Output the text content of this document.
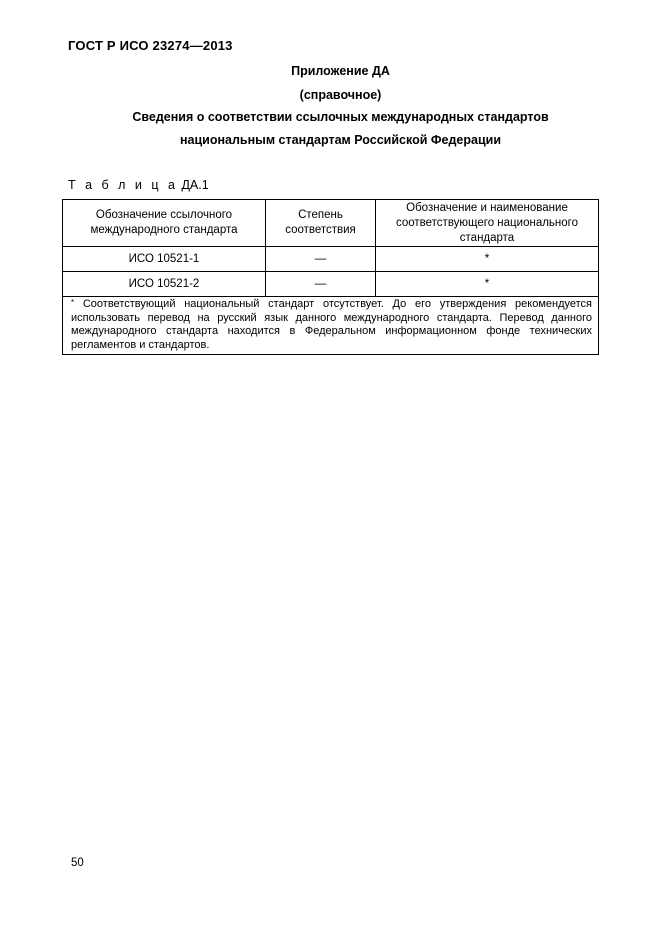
ГОСТ Р ИСО 23274—2013
Приложение ДА
(справочное)
Сведения о соответствии ссылочных международных стандартов
национальным стандартам Российской Федерации
Т а б л и ц а ДА.1
Обозначение ссылочного международного стандарта	Степень соответствия	Обозначение и наименование соответствующего национального стандарта
ИСО 10521-1	—	*
ИСО 10521-2	—	*
* Соответствующий национальный стандарт отсутствует. До его утверждения рекомендуется использовать перевод на русский язык данного международного стандарта. Перевод данного международного стандарта находится в Федеральном информационном фонде технических регламентов и стандартов.		
50
